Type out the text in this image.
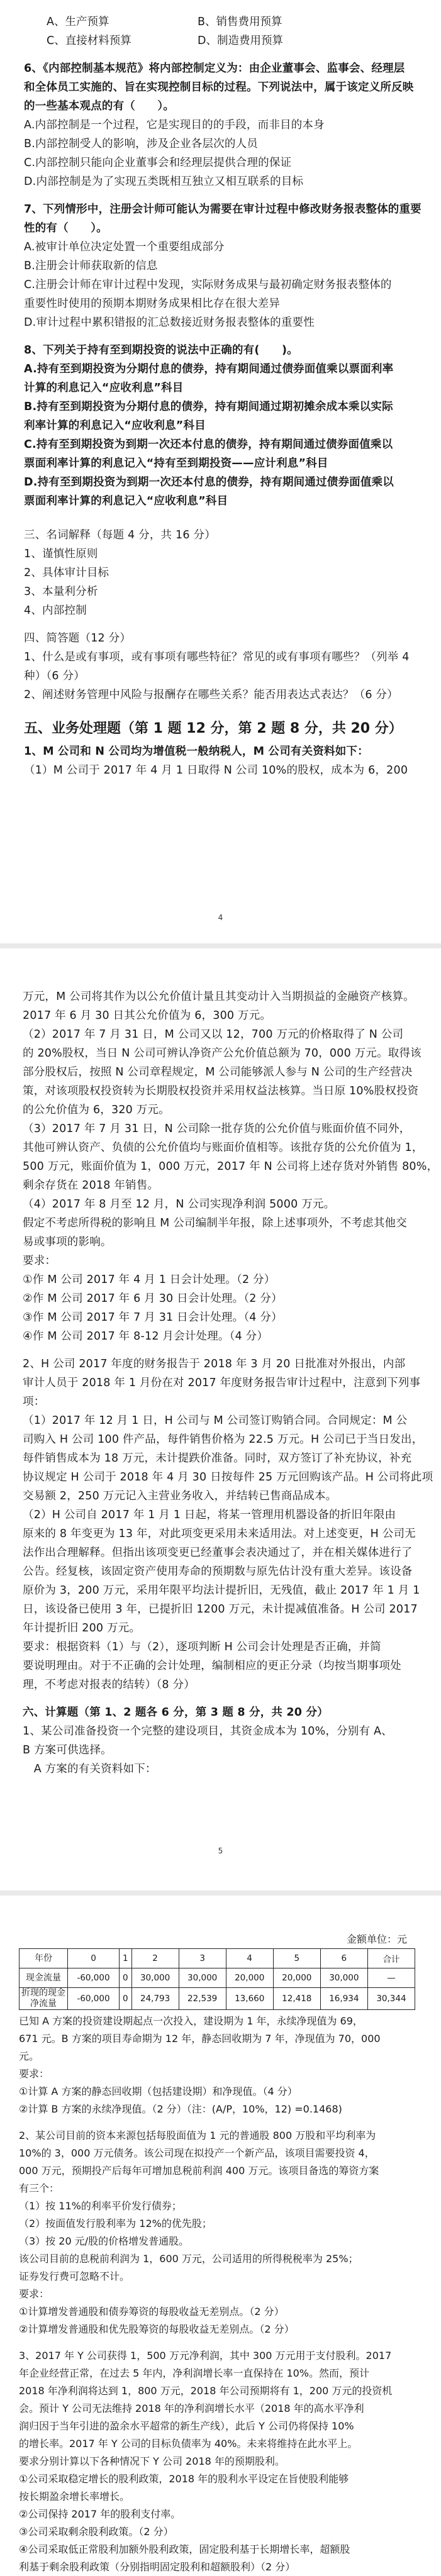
A、生产预算	B、销售费用预算
C、直接材料预算	D、制造费用预算
6、《内部控制基本规范》将内部控制定义为：由企业董事会、监事会、经理层
和全体员工实施的、旨在实现控制目标的过程。下列说法中，属于该定义所反映
的一些基本观点的有（　　）。
A.内部控制是一个过程，它是实现目的的手段，而非目的本身
B.内部控制受人的影响，涉及企业各层次的人员
C.内部控制只能向企业董事会和经理层提供合理的保证
D.内部控制是为了实现五类既相互独立又相互联系的目标
7、下列情形中，注册会计师可能认为需要在审计过程中修改财务报表整体的重要
性的有（　　）。
A.被审计单位决定处置一个重要组成部分
B.注册会计师获取新的信息
C.注册会计师在审计过程中发现，实际财务成果与最初确定财务报表整体的
重要性时使用的预期本期财务成果相比存在很大差异
D.审计过程中累积错报的汇总数接近财务报表整体的重要性
8、下列关于持有至到期投资的说法中正确的有(　　)。
A.持有至到期投资为分期付息的债券，持有期间通过债券面值乘以票面利率
计算的利息记入“应收利息”科目
B.持有至到期投资为分期付息的债券，持有期间通过期初摊余成本乘以实际
利率计算的利息记入“应收利息”科目
C.持有至到期投资为到期一次还本付息的债券，持有期间通过债券面值乘以
票面利率计算的利息记入“持有至到期投资——应计利息”科目
D.持有至到期投资为到期一次还本付息的债券，持有期间通过债券面值乘以
票面利率计算的利息记入“应收利息”科目
三、名词解释（每题 4 分，共 16 分）
1、谨慎性原则
2、具体审计目标
3、本量利分析
4、内部控制
四、简答题（12 分）
1、什么是或有事项，或有事项有哪些特征？常见的或有事项有哪些？（列举 4
种）（6 分）
2、阐述财务管理中风险与报酬存在哪些关系？能否用表达式表达？（6 分）
五、业务处理题（第 1 题 12 分，第 2 题 8 分，共 20 分）
1、M 公司和 N 公司均为增值税一般纳税人，M 公司有关资料如下：
（1）M 公司于 2017 年 4 月 1 日取得 N 公司 10%的股权，成本为 6，200
4
万元，M 公司将其作为以公允价值计量且其变动计入当期损益的金融资产核算。
2017 年 6 月 30 日其公允价值为 6，300 万元。
（2）2017 年 7 月 31 日，M 公司又以 12，700 万元的价格取得了 N 公司
的 20%股权，当日 N 公司可辨认净资产公允价值总额为 70，000 万元。取得该
部分股权后，按照 N 公司章程规定，M 公司能够派人参与 N 公司的生产经营决
策，对该项股权投资转为长期股权投资并采用权益法核算。当日原 10%股权投资
的公允价值为 6，320 万元。
（3）2017 年 7 月 31 日，N 公司除一批存货的公允价值与账面价值不同外，
其他可辨认资产、负债的公允价值均与账面价值相等。该批存货的公允价值为 1，
500 万元，账面价值为 1，000 万元，2017 年 N 公司将上述存货对外销售 80%，
剩余存货在 2018 年销售。
（4）2017 年 8 月至 12 月，N 公司实现净利润 5000 万元。
假定不考虑所得税的影响且 M 公司编制半年报，除上述事项外，不考虑其他交
易或事项的影响。
要求：
①作 M 公司 2017 年 4 月 1 日会计处理。（2 分）
②作 M 公司 2017 年 6 月 30 日会计处理。（2 分）
③作 M 公司 2017 年 7 月 31 日会计处理。（4 分）
④作 M 公司 2017 年 8-12 月会计处理。（4 分）
2、H 公司 2017 年度的财务报告于 2018 年 3 月 20 日批准对外报出，内部
审计人员于 2018 年 1 月份在对 2017 年度财务报告审计过程中，注意到下列事
项：
（1）2017 年 12 月 1 日，H 公司与 M 公司签订购销合同。合同规定：M 公
司购入 H 公司 100 件产品，每件销售价格为 22.5 万元。H 公司已于当日发出，
每件销售成本为 18 万元，未计提跌价准备。同时，双方签订了补充协议，补充
协议规定 H 公司于 2018 年 4 月 30 日按每件 25 万元回购该产品。H 公司将此项
交易额 2，250 万元记入主营业务收入，并结转已售商品成本。
（2）H 公司自 2017 年 1 月 1 日起，将某一管理用机器设备的折旧年限由
原来的 8 年变更为 13 年，对此项变更采用未来适用法。对上述变更，H 公司无
法作出合理解释。但指出该项变更已经董事会表决通过了，并在相关媒体进行了
公告。经复核，该固定资产使用寿命的预期数与原先估计没有重大差异。该设备
原价为 3，200 万元，采用年限平均法计提折旧，无残值，截止 2017 年 1 月 1
日，该设备已使用 3 年，已提折旧 1200 万元，未计提减值准备。H 公司 2017
年计提折旧 200 万元。
要求：根据资料（1）与（2），逐项判断 H 公司会计处理是否正确，并简
要说明理由。对于不正确的会计处理，编制相应的更正分录（均按当期事项处
理，不考虑对报表的结转）（8 分）
六、计算题（第 1、2 题各 6 分，第 3 题 8 分，共 20 分）
1、某公司准备投资一个完整的建设项目，其资金成本为 10%，分别有 A、
B 方案可供选择。
　A 方案的有关资料如下：
5
金额单位：元
年份	0	1	2	3	4	5	6	合计
现金流量	-60,000	0	30,000	30,000	20,000	20,000	30,000	—
折现的现金净流量	-60,000	0	24,793	22,539	13,660	12,418	16,934	30,344
已知 A 方案的投资建设期起点一次投入，建设期为 1 年，永续净现值为 69，
671 元。B 方案的项目寿命期为 12 年，静态回收期为 7 年，净现值为 70，000
元。
要求：
①计算 A 方案的静态回收期（包括建设期）和净现值。（4 分）
②计算 B 方案的永续净现值。（2 分）（注：(A/P，10%，12) =0.1468)
2、某公司目前的资本来源包括每股面值为 1 元的普通股 800 万股和平均利率为
10%的 3，000 万元债务。该公司现在拟投产一个新产品，该项目需要投资 4，
000 万元，预期投产后每年可增加息税前利润 400 万元。该项目备选的筹资方案
有三个：
（1）按 11%的利率平价发行债券；
（2）按面值发行股利率为 12%的优先股；
（3）按 20 元/股的价格增发普通股。
该公司目前的息税前利润为 1，600 万元，公司适用的所得税税率为 25%；
证券发行费可忽略不计。
要求：
①计算增发普通股和债券筹资的每股收益无差别点。（2 分）
②计算增发普通股和优先股筹资的每股收益无差别点。（2 分）
3、2017 年 Y 公司获得 1，500 万元净利润，其中 300 万元用于支付股利。2017
年企业经营正常，在过去 5 年内，净利润增长率一直保持在 10%。然而，预计
2018 年净利润将达到 1，800 万元，2018 年公司预期将有 1，200 万元的投资机
会。预计 Y 公司无法维持 2018 年的净利润增长水平（2018 年的高水平净利
润归因于当年引进的盈余水平超常的新生产线），此后 Y 公司仍将保持 10%
的增长率。2017 年 Y 公司的目标负债率为 40%。未来将维持在此水平上。
要求分别计算以下各种情况下 Y 公司 2018 年的预期股利。
①公司采取稳定增长的股利政策，2018 年的股利水平设定在旨使股利能够
按长期盈余增长率增长。
②公司保持 2017 年的股利支付率。
③公司采取剩余股利政策。（2 分）
④公司采取低正常股利加额外股利政策，固定股利基于长期增长率，超额股
利基于剩余股利政策（分别指明固定股利和超额股利）（2 分）
